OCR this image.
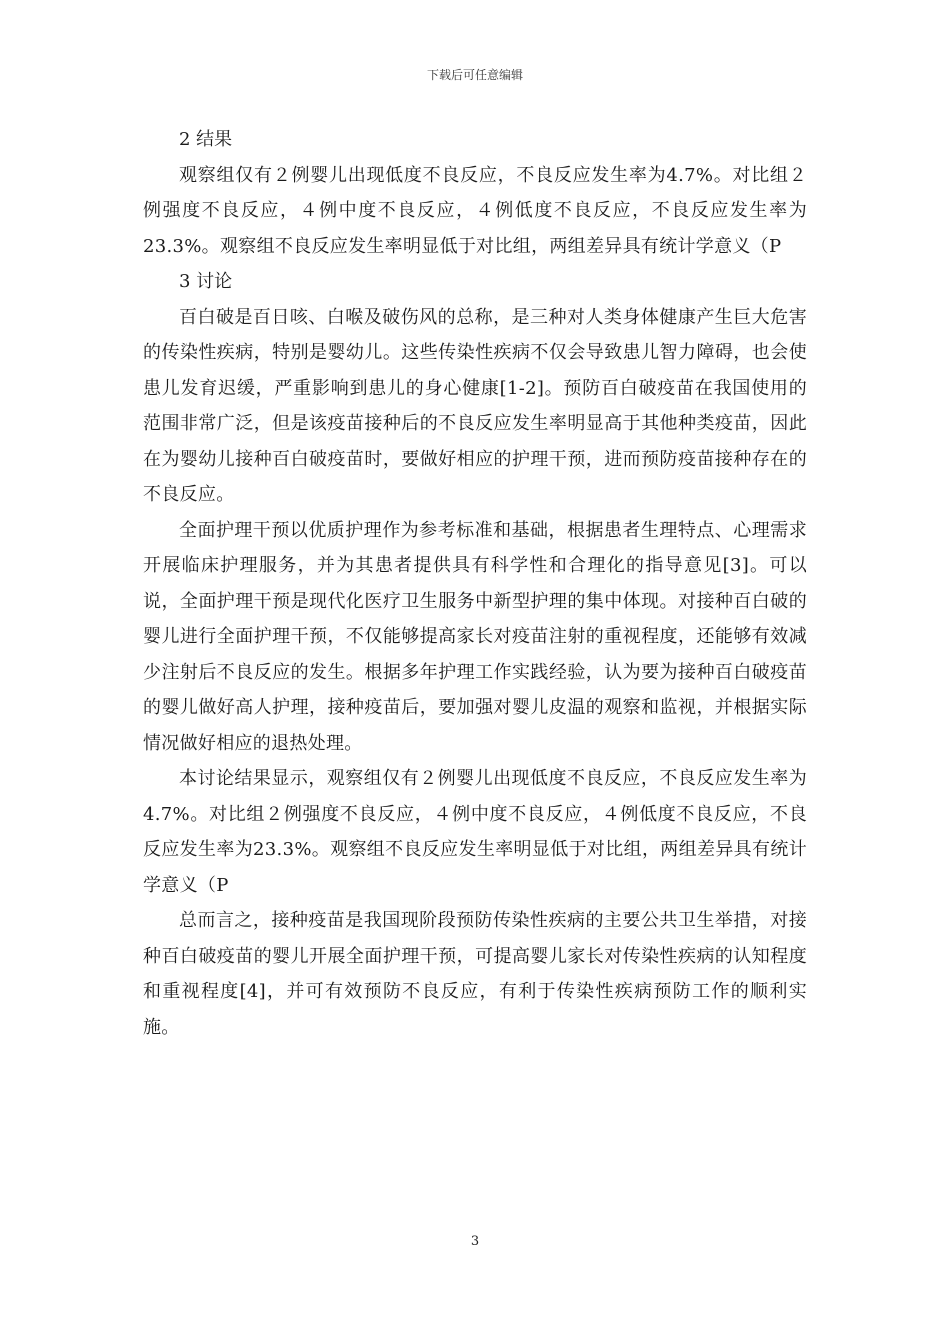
下载后可任意编辑
2 结果

观察组仅有２例婴儿出现低度不良反应，不良反应发生率为4.7%。对比组２例强度不良反应，４例中度不良反应，４例低度不良反应，不良反应发生率为23.3%。观察组不良反应发生率明显低于对比组，两组差异具有统计学意义（P

3 讨论

百白破是百日咳、白喉及破伤风的总称，是三种对人类身体健康产生巨大危害的传染性疾病，特别是婴幼儿。这些传染性疾病不仅会导致患儿智力障碍，也会使患儿发育迟缓，严重影响到患儿的身心健康[1-2]。预防百白破疫苗在我国使用的范围非常广泛，但是该疫苗接种后的不良反应发生率明显高于其他种类疫苗，因此在为婴幼儿接种百白破疫苗时，要做好相应的护理干预，进而预防疫苗接种存在的不良反应。

全面护理干预以优质护理作为参考标准和基础，根据患者生理特点、心理需求开展临床护理服务，并为其患者提供具有科学性和合理化的指导意见[3]。可以说，全面护理干预是现代化医疗卫生服务中新型护理的集中体现。对接种百白破的婴儿进行全面护理干预，不仅能够提高家长对疫苗注射的重视程度，还能够有效减少注射后不良反应的发生。根据多年护理工作实践经验，认为要为接种百白破疫苗的婴儿做好高人护理，接种疫苗后，要加强对婴儿皮温的观察和监视，并根据实际情况做好相应的退热处理。

本讨论结果显示，观察组仅有２例婴儿出现低度不良反应，不良反应发生率为4.7%。对比组２例强度不良反应，４例中度不良反应，４例低度不良反应，不良反应发生率为23.3%。观察组不良反应发生率明显低于对比组，两组差异具有统计学意义（P

总而言之，接种疫苗是我国现阶段预防传染性疾病的主要公共卫生举措，对接种百白破疫苗的婴儿开展全面护理干预，可提高婴儿家长对传染性疾病的认知程度和重视程度[4]，并可有效预防不良反应，有利于传染性疾病预防工作的顺利实施。

3
